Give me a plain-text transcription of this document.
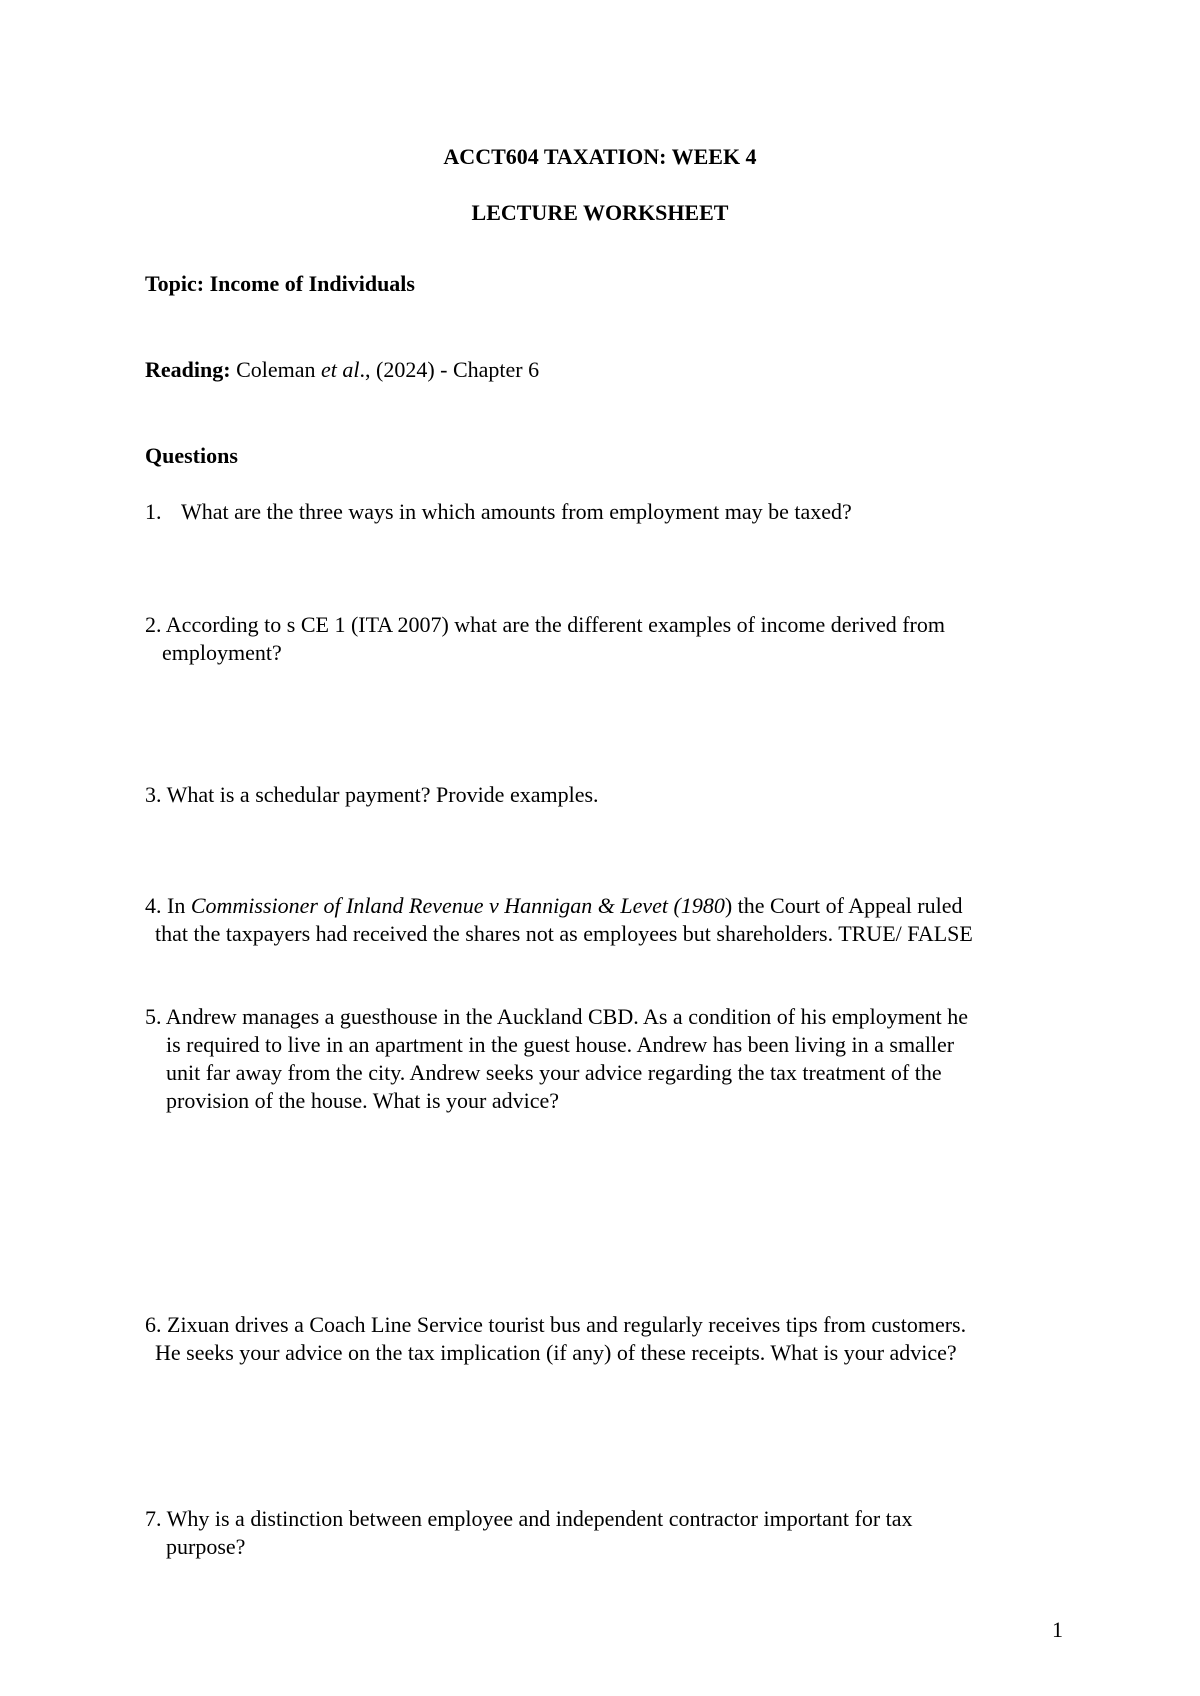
ACCT604 TAXATION: WEEK 4
LECTURE WORKSHEET
Topic: Income of Individuals
Reading: Coleman et al., (2024) - Chapter 6
Questions
1. What are the three ways in which amounts from employment may be taxed?
2. According to s CE 1 (ITA 2007) what are the different examples of income derived from
employment?
3. What is a schedular payment? Provide examples.
4. In Commissioner of Inland Revenue v Hannigan & Levet (1980) the Court of Appeal ruled
that the taxpayers had received the shares not as employees but shareholders. TRUE/ FALSE
5. Andrew manages a guesthouse in the Auckland CBD. As a condition of his employment he
is required to live in an apartment in the guest house. Andrew has been living in a smaller
unit far away from the city. Andrew seeks your advice regarding the tax treatment of the
provision of the house. What is your advice?
6. Zixuan drives a Coach Line Service tourist bus and regularly receives tips from customers.
He seeks your advice on the tax implication (if any) of these receipts. What is your advice?
7. Why is a distinction between employee and independent contractor important for tax
purpose?
1
